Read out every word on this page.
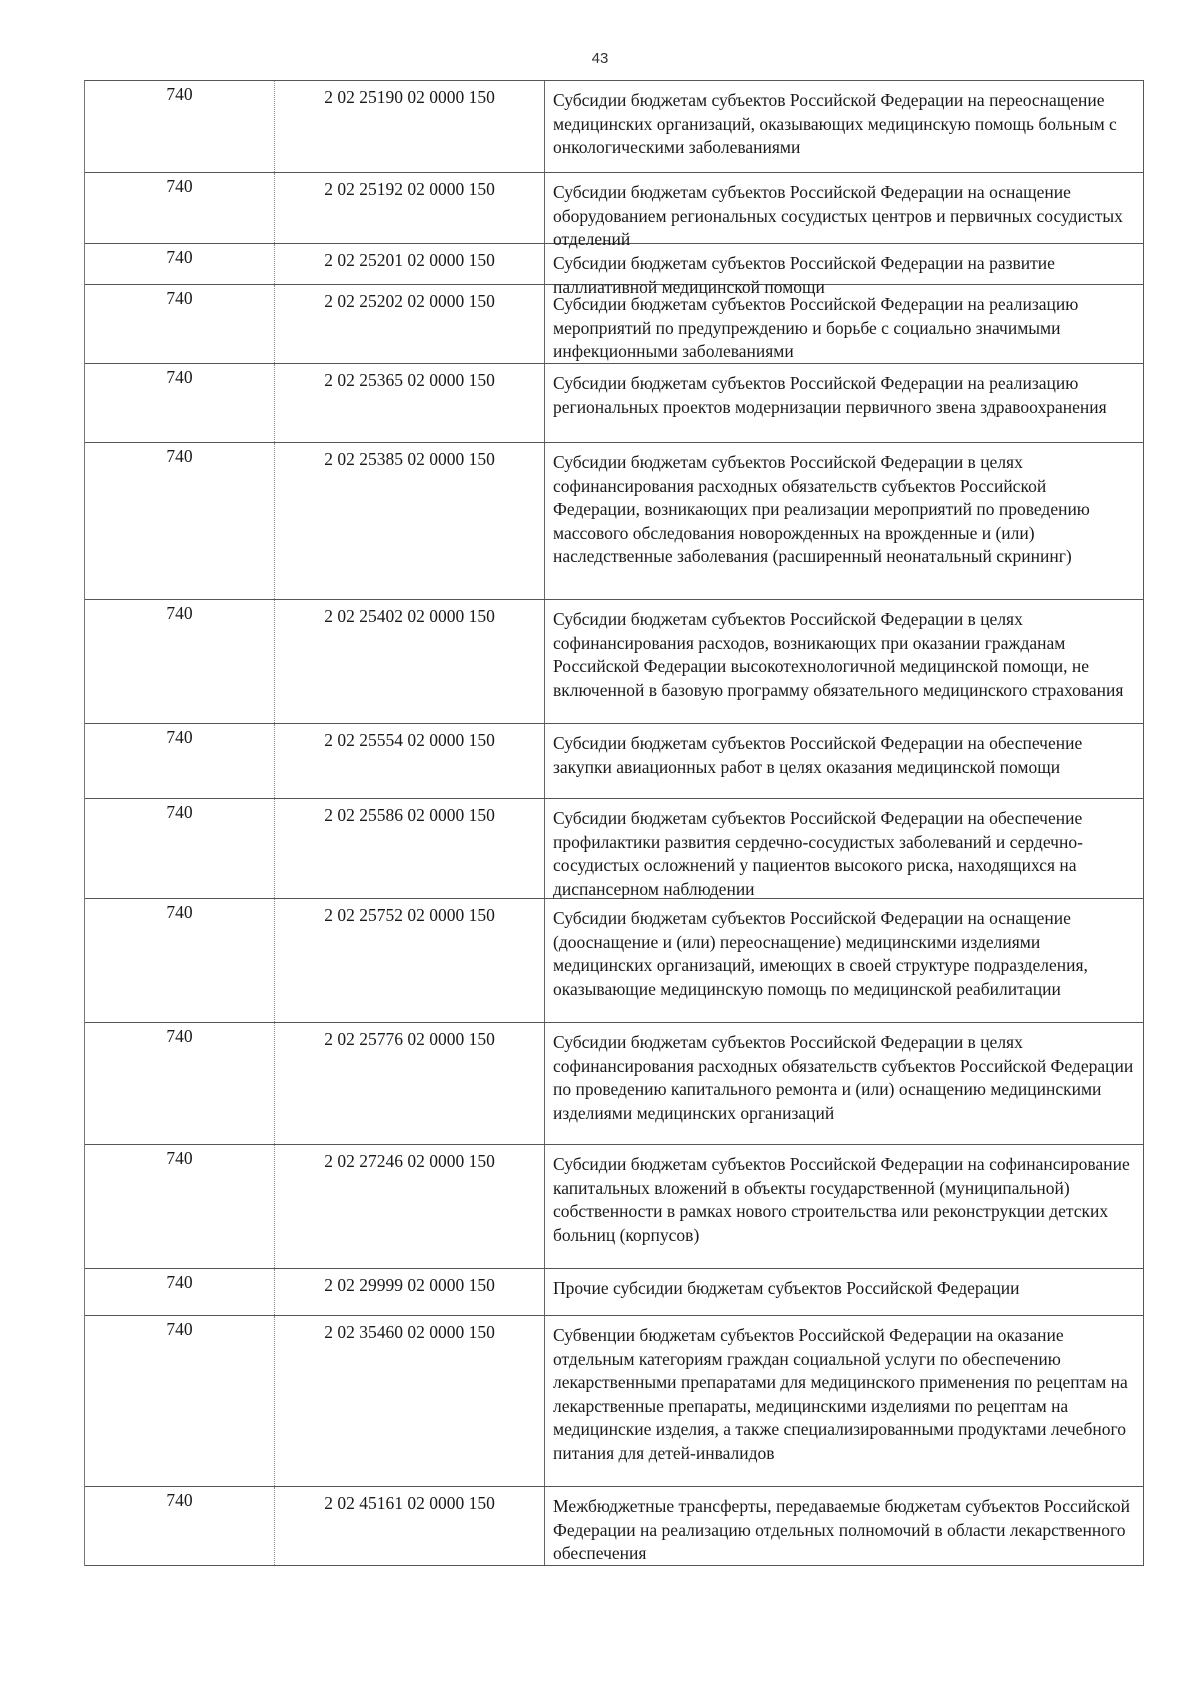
43
740	2 02 25190 02 0000 150	Субсидии бюджетам субъектов Российской Федерации на переоснащение медицинских организаций, оказывающих медицинскую помощь больным с онкологическими заболеваниями
740	2 02 25192 02 0000 150	Субсидии бюджетам субъектов Российской Федерации на оснащение оборудованием региональных сосудистых центров и первичных сосудистых отделений
740	2 02 25201 02 0000 150	Субсидии бюджетам субъектов Российской Федерации на развитие паллиативной медицинской помощи
740	2 02 25202 02 0000 150	Субсидии бюджетам субъектов Российской Федерации на реализацию мероприятий по предупреждению и борьбе с социально значимыми инфекционными заболеваниями
740	2 02 25365 02 0000 150	Субсидии бюджетам субъектов Российской Федерации на реализацию региональных проектов модернизации первичного звена здравоохранения
740	2 02 25385 02 0000 150	Субсидии бюджетам субъектов Российской Федерации в целях софинансирования расходных обязательств субъектов Российской Федерации, возникающих при реализации мероприятий по проведению массового обследования новорожденных на врожденные и (или) наследственные заболевания (расширенный неонатальный скрининг)
740	2 02 25402 02 0000 150	Субсидии бюджетам субъектов Российской Федерации в целях софинансирования расходов, возникающих при оказании гражданам Российской Федерации высокотехнологичной медицинской помощи, не включенной в базовую программу обязательного медицинского страхования
740	2 02 25554 02 0000 150	Субсидии бюджетам субъектов Российской Федерации на обеспечение закупки авиационных работ в целях оказания медицинской помощи
740	2 02 25586 02 0000 150	Субсидии бюджетам субъектов Российской Федерации на обеспечение профилактики развития сердечно-сосудистых заболеваний и сердечно-сосудистых осложнений у пациентов высокого риска, находящихся на диспансерном наблюдении
740	2 02 25752 02 0000 150	Субсидии бюджетам субъектов Российской Федерации на оснащение (дооснащение и (или) переоснащение) медицинскими изделиями медицинских организаций, имеющих в своей структуре подразделения, оказывающие медицинскую помощь по медицинской реабилитации
740	2 02 25776 02 0000 150	Субсидии бюджетам субъектов Российской Федерации в целях софинансирования расходных обязательств субъектов Российской Федерации по проведению капитального ремонта и (или) оснащению медицинскими изделиями медицинских организаций
740	2 02 27246 02 0000 150	Субсидии бюджетам субъектов Российской Федерации на софинансирование капитальных вложений в объекты государственной (муниципальной) собственности в рамках нового строительства или реконструкции детских больниц (корпусов)
740	2 02 29999 02 0000 150	Прочие субсидии бюджетам субъектов Российской Федерации
740	2 02 35460 02 0000 150	Субвенции бюджетам субъектов Российской Федерации на оказание отдельным категориям граждан социальной услуги по обеспечению лекарственными препаратами для медицинского применения по рецептам на лекарственные препараты, медицинскими изделиями по рецептам на медицинские изделия, а также специализированными продуктами лечебного питания для детей-инвалидов
740	2 02 45161 02 0000 150	Межбюджетные трансферты, передаваемые бюджетам субъектов Российской Федерации на реализацию отдельных полномочий в области лекарственного обеспечения
